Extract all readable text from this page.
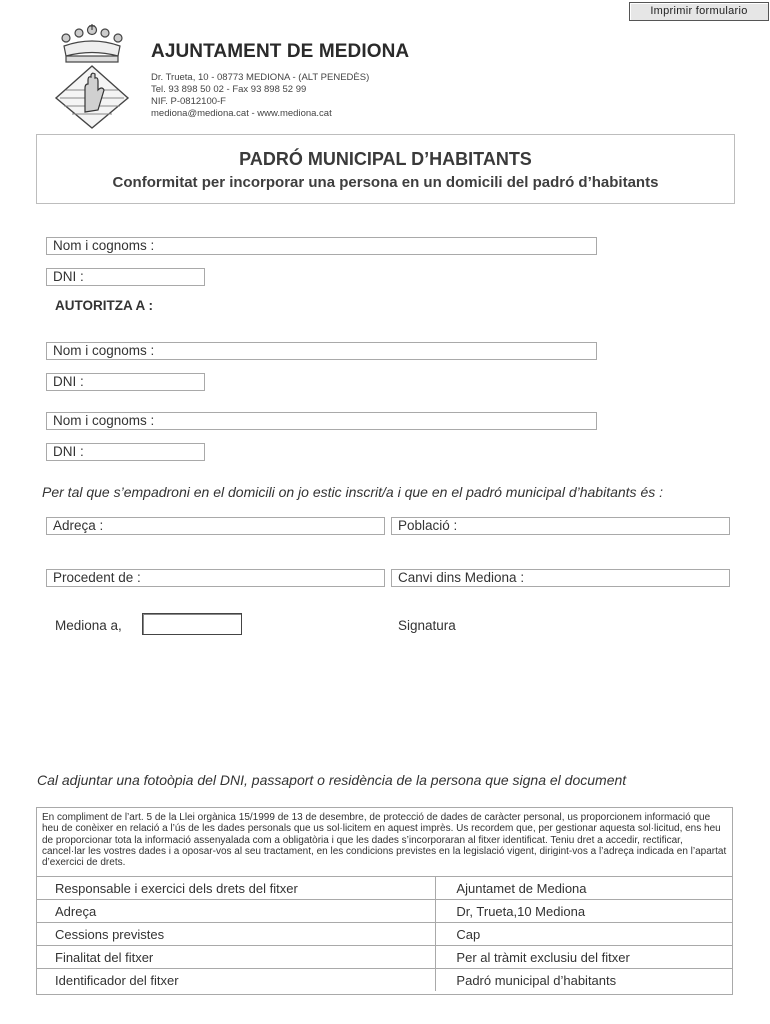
Imprimir formulario
AJUNTAMENT DE MEDIONA
Dr. Trueta, 10 - 08773 MEDIONA - (ALT PENEDÈS)
Tel. 93 898 50 02 - Fax 93 898 52 99
NIF. P-0812100-F
mediona@mediona.cat - www.mediona.cat
PADRÓ MUNICIPAL D’HABITANTS
Conformitat per incorporar una persona en un domicili del padró d’habitants
Nom i cognoms :
DNI :
AUTORITZA A :
Nom i cognoms :
DNI :
Nom i cognoms :
DNI :
Per tal que s’empadroni en el domicili on jo estic inscrit/a i que en el padró municipal d’habitants és :
Adreça :	Població :
Procedent de :	Canvi dins Mediona :
Mediona a,	Signatura
Cal adjuntar una fotoòpia del DNI, passaport o residència de la persona que signa el document
En compliment de l’art. 5 de la Llei orgànica 15/1999 de 13 de desembre, de protecció de dades de caràcter personal, us proporcionem informació que heu de conèixer en relació a l’ús de les dades personals que us sol·licitem en aquest imprès. Us recordem que, per gestionar aquesta sol·licitud, ens heu de proporcionar tota la informació assenyalada com a obligatòria i que les dades s’incorporaran al fitxer identificat. Teniu dret a accedir, rectificar, cancel·lar les vostres dades i a oposar-vos al seu tractament, en les condicions previstes en la legislació vigent, dirigint-vos a l’adreça indicada en l’apartat d’exercici de drets.
Responsable i exercici dels drets del fitxer	Ajuntamet de Mediona
Adreça	Dr, Trueta,10 Mediona
Cessions previstes	Cap
Finalitat del fitxer	Per al tràmit exclusiu del fitxer
Identificador del fitxer	Padró municipal d’habitants
